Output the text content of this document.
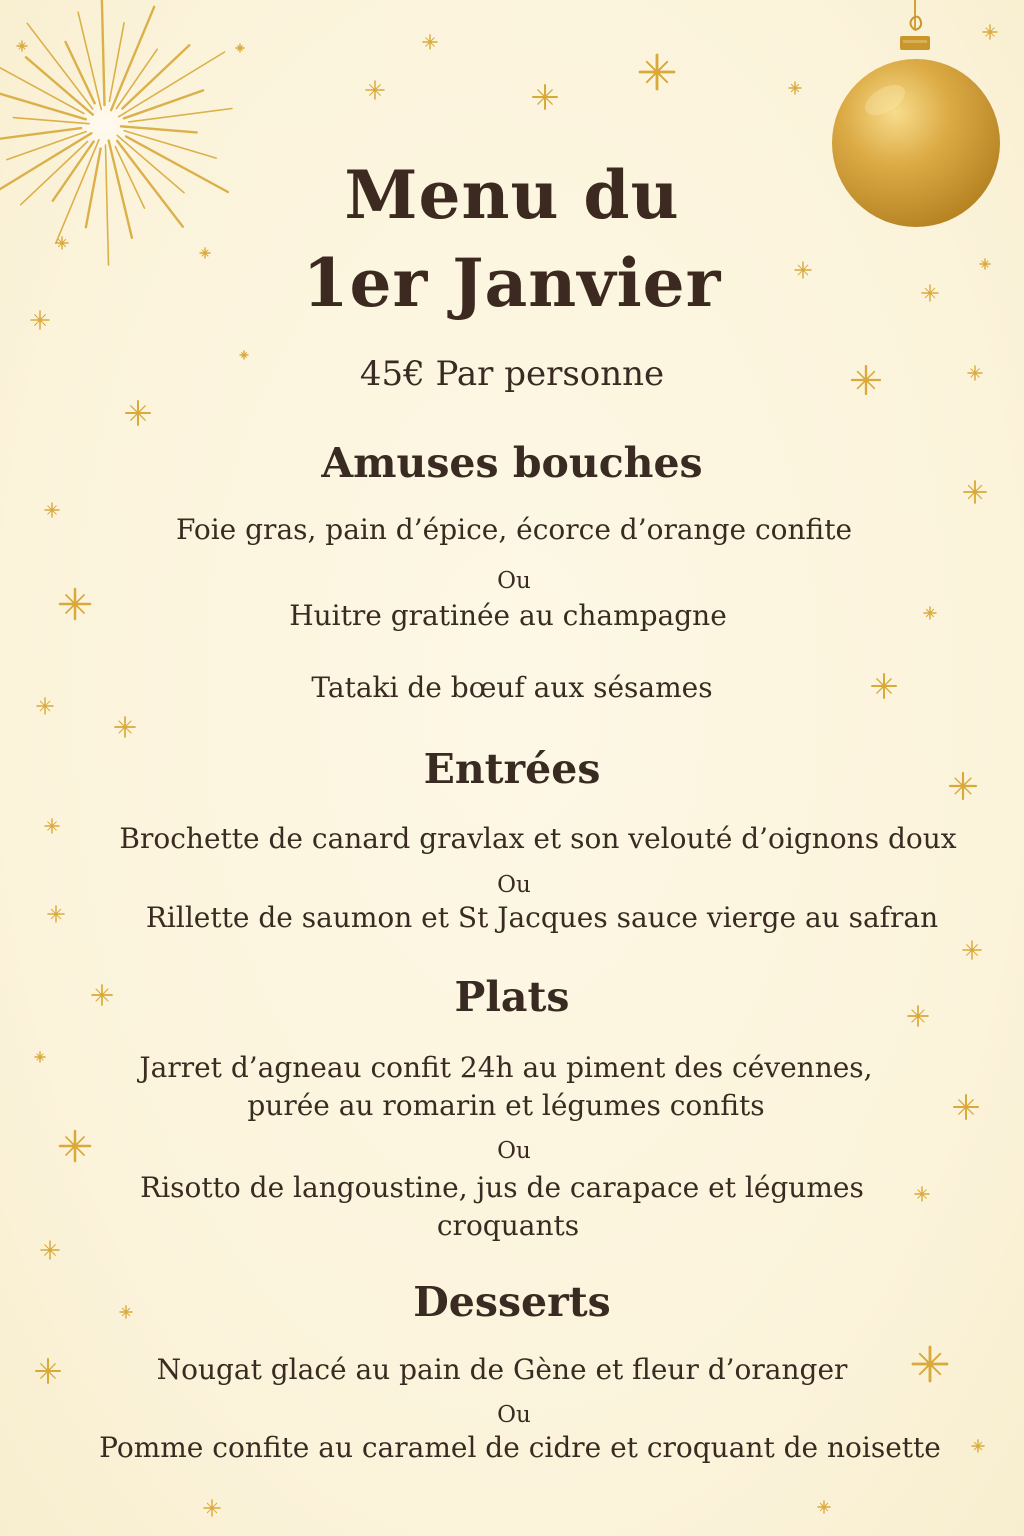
Menu du
1er Janvier
45€ Par personne
Amuses bouches
Foie gras, pain d’épice, écorce d’orange confite
Ou
Huitre gratinée au champagne
Tataki de bœuf aux sésames
Entrées
Brochette de canard gravlax et son velouté d’oignons doux
Ou
Rillette de saumon et St Jacques sauce vierge au safran
Plats
Jarret d’agneau confit 24h au piment des cévennes,
purée au romarin et légumes confits
Ou
Risotto de langoustine, jus de carapace et légumes
croquants
Desserts
Nougat glacé au pain de Gène et fleur d’oranger
Ou
Pomme confite au caramel de cidre et croquant de noisette
